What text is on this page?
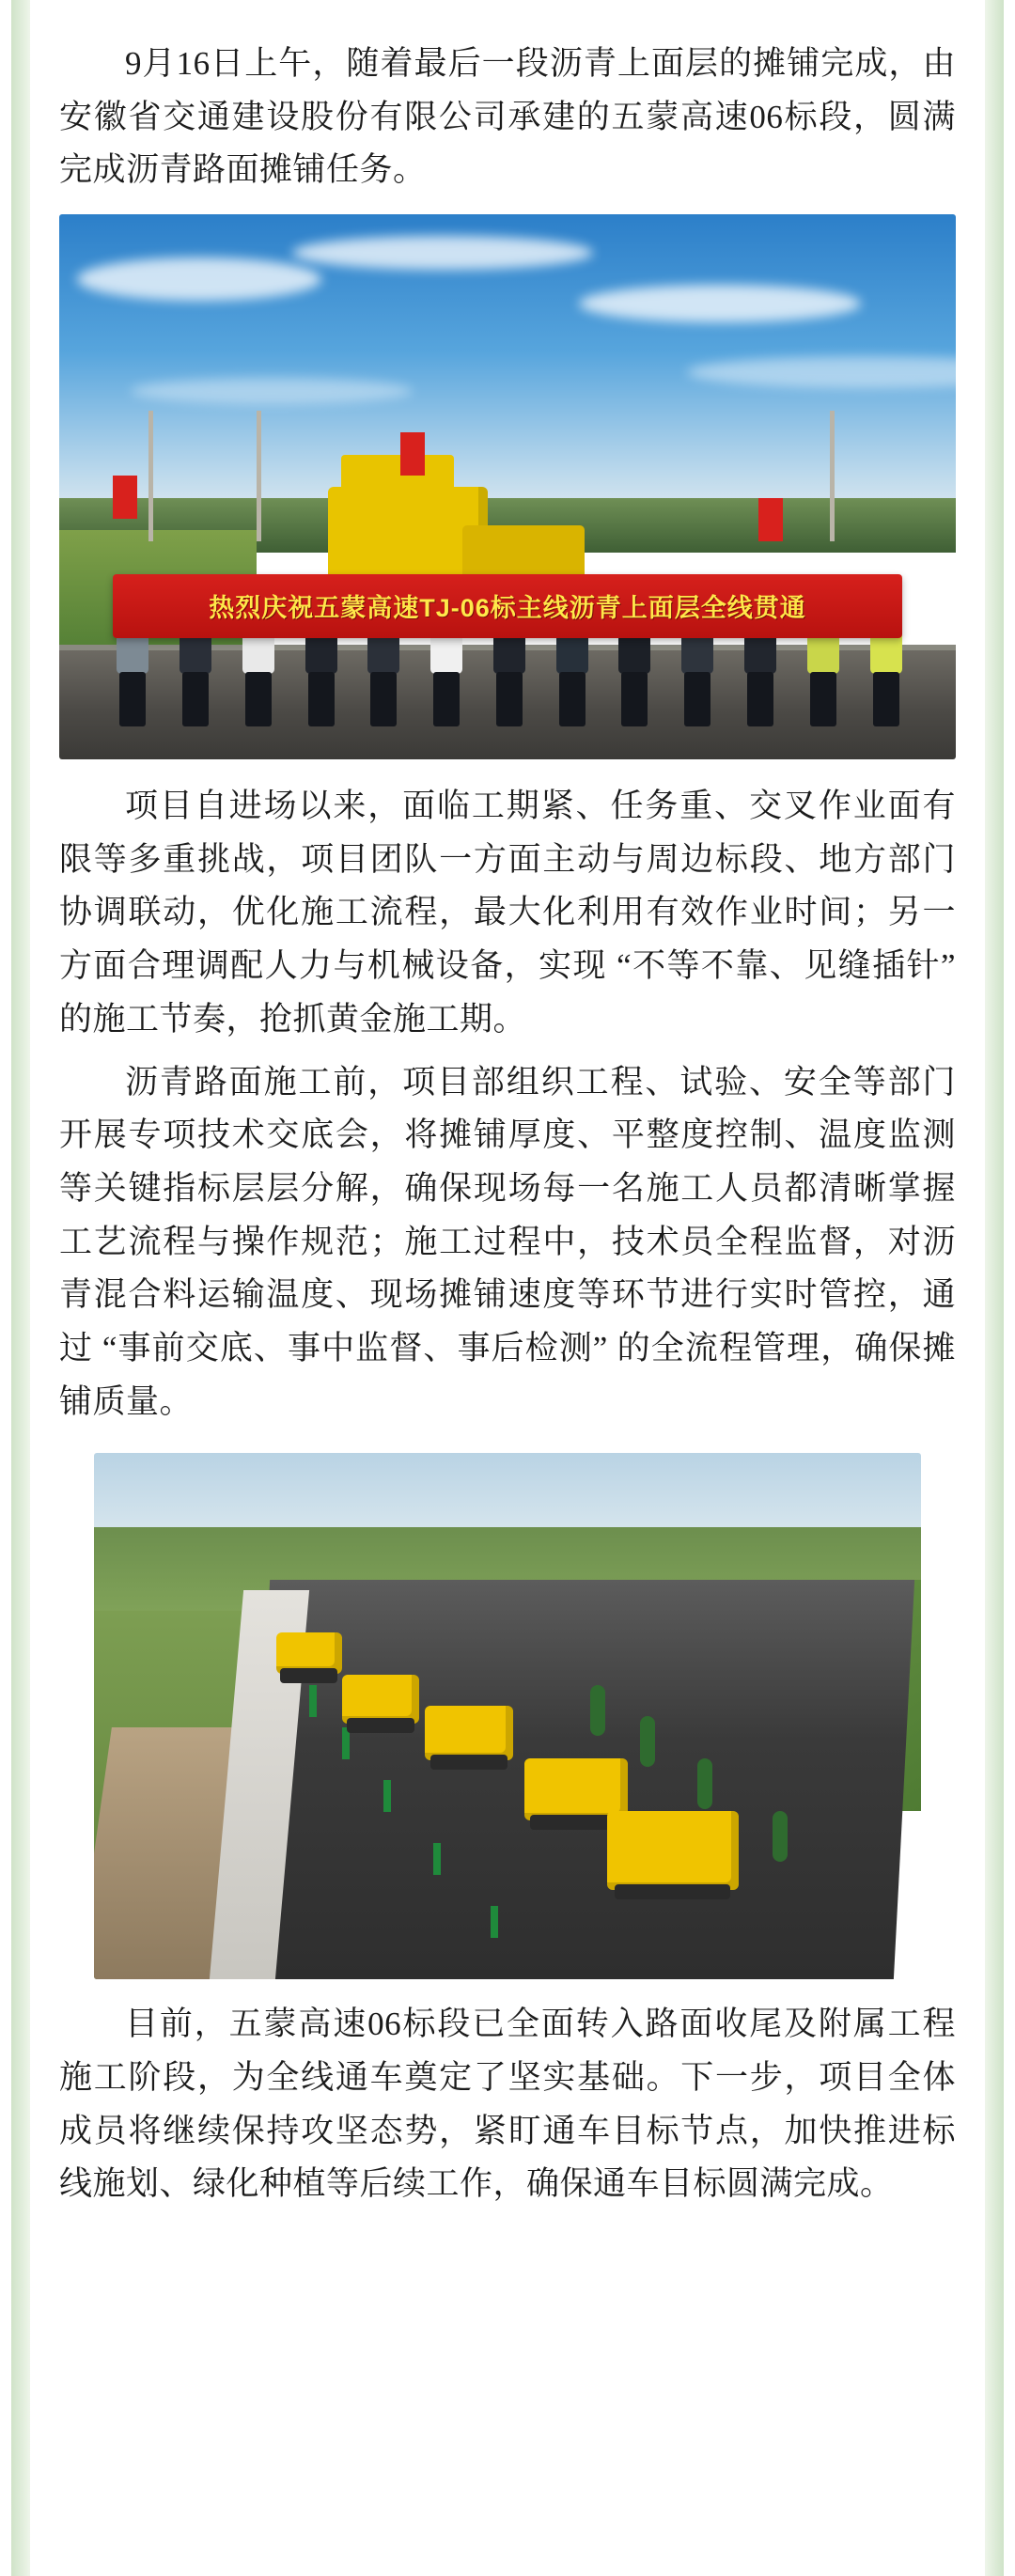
9月16日上午，随着最后一段沥青上面层的摊铺完成，由安徽省交通建设股份有限公司承建的五蒙高速06标段，圆满完成沥青路面摊铺任务。

热烈庆祝五蒙高速TJ-06标主线沥青上面层全线贯通

项目自进场以来，面临工期紧、任务重、交叉作业面有限等多重挑战，项目团队一方面主动与周边标段、地方部门协调联动，优化施工流程，最大化利用有效作业时间；另一方面合理调配人力与机械设备，实现 “不等不靠、见缝插针” 的施工节奏，抢抓黄金施工期。

沥青路面施工前，项目部组织工程、试验、安全等部门开展专项技术交底会，将摊铺厚度、平整度控制、温度监测等关键指标层层分解，确保现场每一名施工人员都清晰掌握工艺流程与操作规范；施工过程中，技术员全程监督，对沥青混合料运输温度、现场摊铺速度等环节进行实时管控，通过 “事前交底、事中监督、事后检测” 的全流程管理，确保摊铺质量。

目前，五蒙高速06标段已全面转入路面收尾及附属工程施工阶段，为全线通车奠定了坚实基础。下一步，项目全体成员将继续保持攻坚态势，紧盯通车目标节点，加快推进标线施划、绿化种植等后续工作，确保通车目标圆满完成。
